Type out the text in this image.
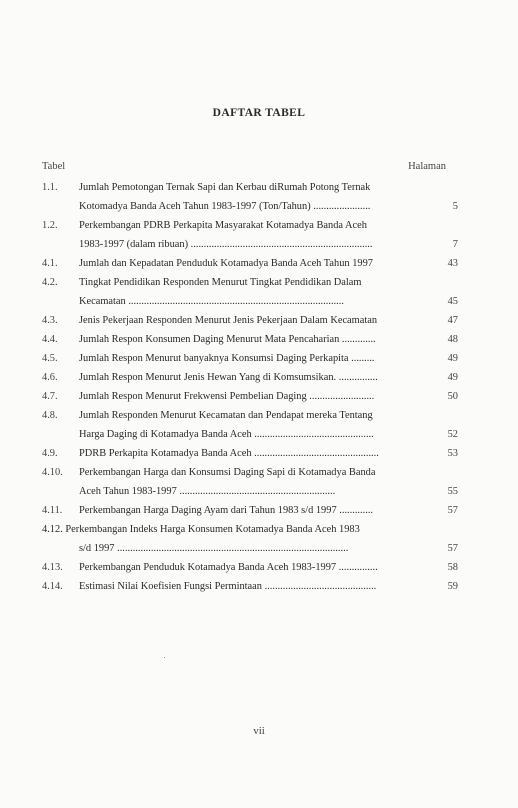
DAFTAR TABEL
Tabel	Halaman
1.1. Jumlah Pemotongan Ternak Sapi dan Kerbau diRumah Potong Ternak
Kotomadya Banda Aceh Tahun 1983-1997 (Ton/Tahun) ......................	5
1.2. Perkembangan PDRB Perkapita Masyarakat Kotamadya Banda Aceh
1983-1997 (dalam ribuan) ......................................................................	7
4.1. Jumlah dan Kepadatan Penduduk Kotamadya Banda Aceh Tahun 1997	43
4.2. Tingkat Pendidikan Responden Menurut Tingkat Pendidikan Dalam
Kecamatan ...................................................................................	45
4.3. Jenis Pekerjaan Responden Menurut Jenis Pekerjaan Dalam Kecamatan	47
4.4. Jumlah Respon Konsumen Daging Menurut Mata Pencaharian .............	48
4.5. Jumlah Respon Menurut banyaknya Konsumsi Daging Perkapita .........	49
4.6. Jumlah Respon Menurut Jenis Hewan Yang di Komsumsikan. ...............	49
4.7. Jumlah Respon Menurut Frekwensi Pembelian Daging .........................	50
4.8. Jumlah Responden Menurut Kecamatan dan Pendapat mereka Tentang
Harga Daging di Kotamadya Banda Aceh ..............................................	52
4.9. PDRB Perkapita Kotamadya Banda Aceh ................................................	53
4.10. Perkembangan Harga dan Konsumsi Daging Sapi di Kotamadya Banda
Aceh Tahun 1983-1997 ............................................................	55
4.11. Perkembangan Harga Daging Ayam dari Tahun 1983 s/d 1997 .............	57
4.12. Perkembangan Indeks Harga Konsumen Kotamadya Banda Aceh 1983
s/d 1997 .........................................................................................	57
4.13. Perkembangan Penduduk Kotamadya Banda Aceh 1983-1997 ...............	58
4.14. Estimasi Nilai Koefisien Fungsi Permintaan ...........................................	59
vii
